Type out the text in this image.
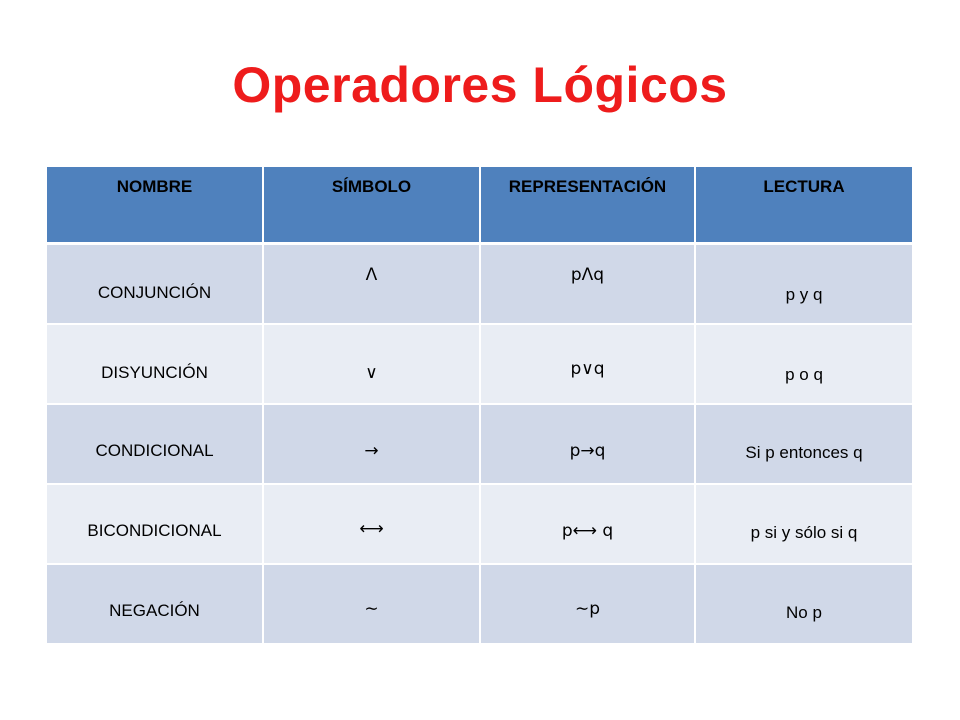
Operadores Lógicos
NOMBRE	SÍMBOLO	REPRESENTACIÓN	LECTURA

CONJUNCIÓN	Λ	pΛq	p y q

DISYUNCIÓN	∨	p∨q	p o q

CONDICIONAL	→	p→q	Si p entonces q

BICONDICIONAL	⟷	p⟷ q	p si y sólo si q

NEGACIÓN	∼	∼p	No p
